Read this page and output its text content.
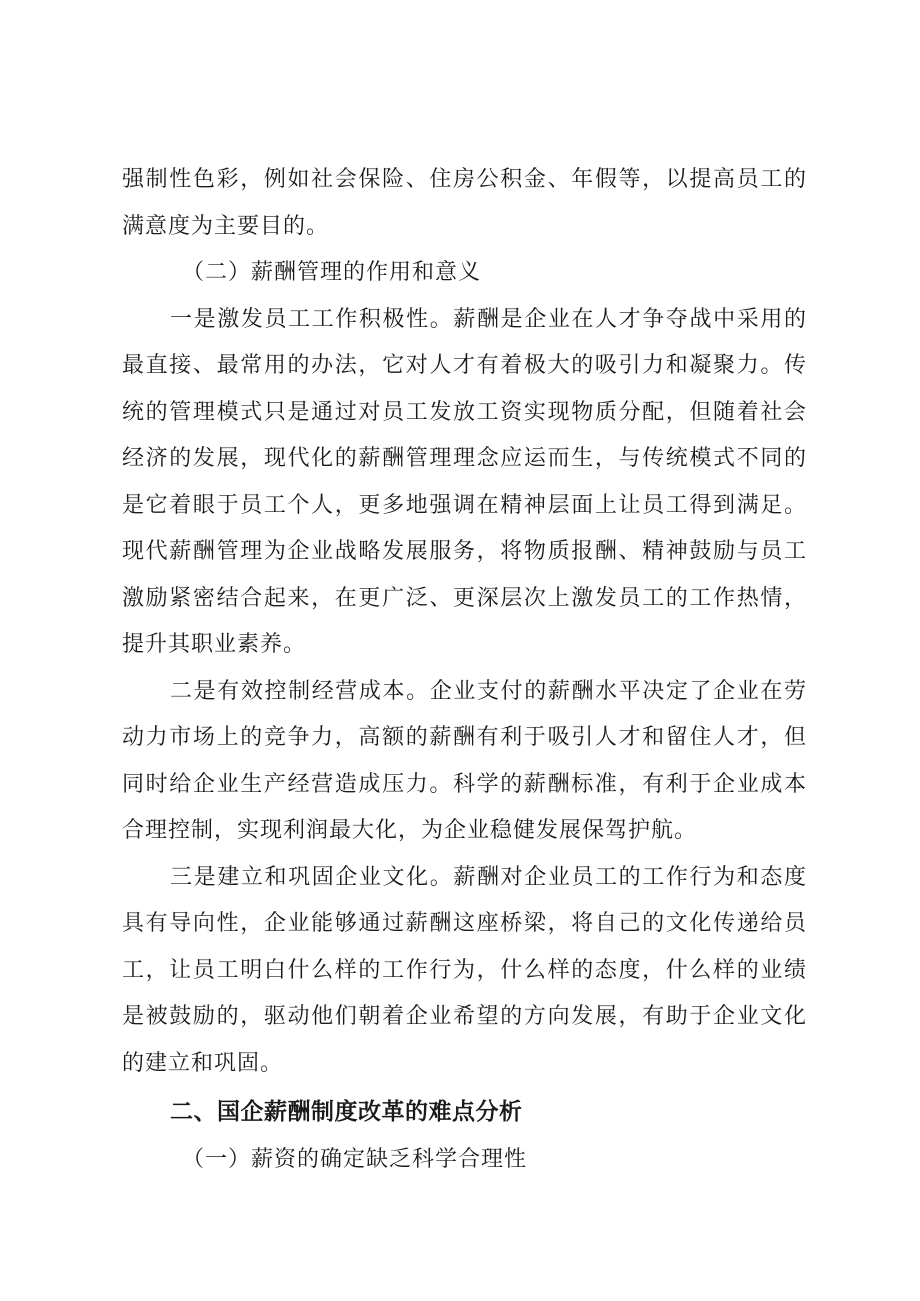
强制性色彩，例如社会保险、住房公积金、年假等，以提高员工的满意度为主要目的。

（二）薪酬管理的作用和意义

一是激发员工工作积极性。薪酬是企业在人才争夺战中采用的最直接、最常用的办法，它对人才有着极大的吸引力和凝聚力。传统的管理模式只是通过对员工发放工资实现物质分配，但随着社会经济的发展，现代化的薪酬管理理念应运而生，与传统模式不同的是它着眼于员工个人，更多地强调在精神层面上让员工得到满足。现代薪酬管理为企业战略发展服务，将物质报酬、精神鼓励与员工激励紧密结合起来，在更广泛、更深层次上激发员工的工作热情，提升其职业素养。

二是有效控制经营成本。企业支付的薪酬水平决定了企业在劳动力市场上的竞争力，高额的薪酬有利于吸引人才和留住人才，但同时给企业生产经营造成压力。科学的薪酬标准，有利于企业成本合理控制，实现利润最大化，为企业稳健发展保驾护航。

三是建立和巩固企业文化。薪酬对企业员工的工作行为和态度具有导向性，企业能够通过薪酬这座桥梁，将自己的文化传递给员工，让员工明白什么样的工作行为，什么样的态度，什么样的业绩是被鼓励的，驱动他们朝着企业希望的方向发展，有助于企业文化的建立和巩固。

二、国企薪酬制度改革的难点分析

（一）薪资的确定缺乏科学合理性
